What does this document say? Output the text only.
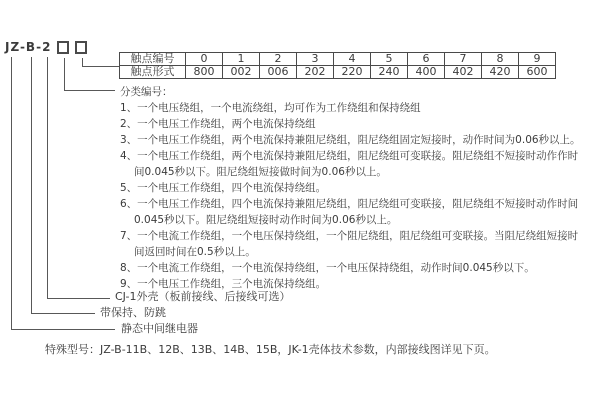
JZ-B-2
触点编号	0	1	2	3	4	5	6	7	8	9
触点形式	800	002	006	202	220	240	400	402	420	600
分类编号：
1、一个电压绕组，一个电流绕组，均可作为工作绕组和保持绕组
2、一个电压工作绕组，两个电流保持绕组
3、一个电压工作绕组，两个电流保持兼阻尼绕组，阻尼绕组固定短接时，动作时间为0.06秒以上。
4、一个电压工作绕组，两个电流保持兼阻尼绕组，阻尼绕组可变联接。阻尼绕组不短接时动作作时
间0.045秒以下。阻尼绕组短接做时间为0.06秒以上。
5、一个电压工作绕组，四个电流保持绕组。
6、一个电压工作绕组，四个电流保持兼阻尼绕组，阻尼绕组可变联接，阻尼绕组不短接时动作时间
0.045秒以下。阻尼绕组短接时动作时间为0.06秒以上。
7、一个电流工作绕组，一个电压保持绕组，一个阻尼绕组，阻尼绕组可变联接。当阻尼绕组短接时
间返回时间在0.5秒以上。
8、一个电流工作绕组，一个电流保持绕组，一个电压保持绕组，动作时间0.045秒以下。
9、一个电压工作绕组，三个电流保持绕组。
CJ-1外壳（板前接线、后接线可选）
带保持、防跳
静态中间继电器
特殊型号：JZ-B-11B、12B、13B、14B、15B，JK-1壳体技术参数，内部接线图详见下页。
